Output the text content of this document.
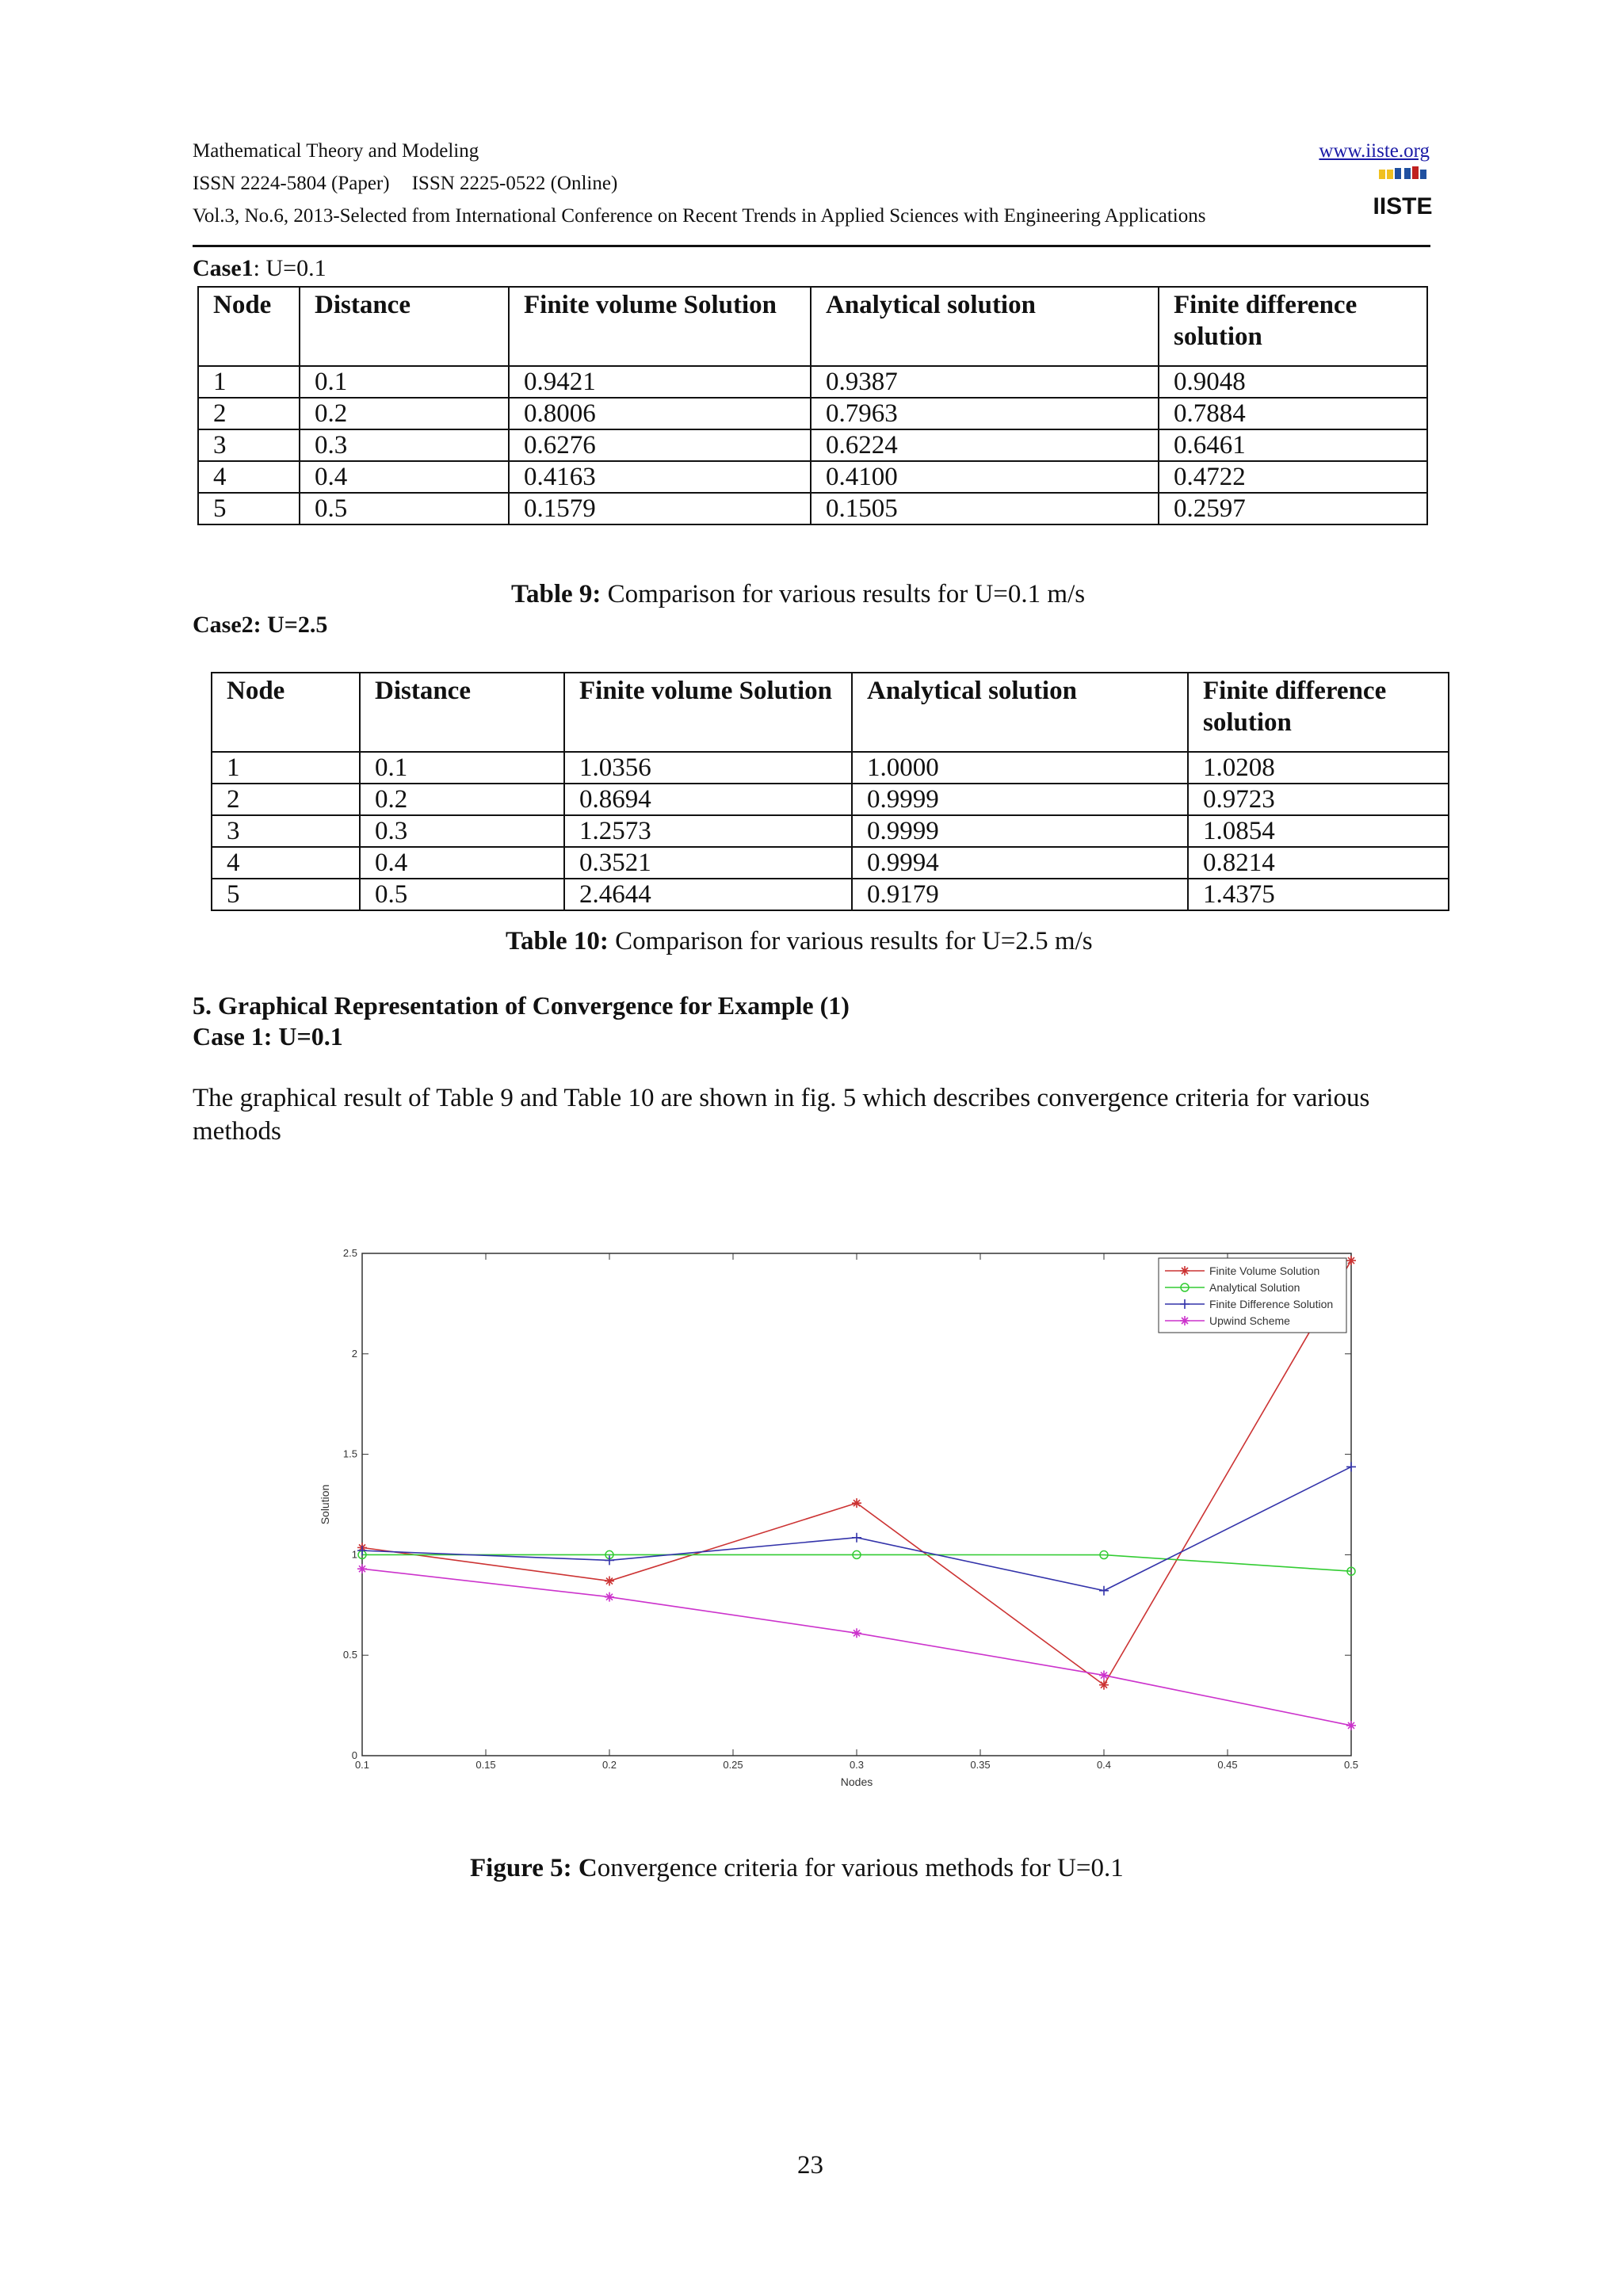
Mathematical Theory and Modeling	www.iiste.org
ISSN 2224-5804 (Paper) ISSN 2225-0522 (Online)
Vol.3, No.6, 2013-Selected from International Conference on Recent Trends in Applied Sciences with Engineering Applications	IISTE
Case1: U=0.1
Node	Distance	Finite volume Solution	Analytical solution	Finite difference solution
1	0.1	0.9421	0.9387	0.9048
2	0.2	0.8006	0.7963	0.7884
3	0.3	0.6276	0.6224	0.6461
4	0.4	0.4163	0.4100	0.4722
5	0.5	0.1579	0.1505	0.2597
Table 9: Comparison for various results for U=0.1 m/s
Case2: U=2.5
Node	Distance	Finite volume Solution	Analytical solution	Finite difference solution
1	0.1	1.0356	1.0000	1.0208
2	0.2	0.8694	0.9999	0.9723
3	0.3	1.2573	0.9999	1.0854
4	0.4	0.3521	0.9994	0.8214
5	0.5	2.4644	0.9179	1.4375
Table 10: Comparison for various results for U=2.5 m/s
5. Graphical Representation of Convergence for Example (1)
Case 1: U=0.1
The graphical result of Table 9 and Table 10 are shown in fig. 5 which describes convergence criteria for various methods
0.1	0.15	0.2	0.25	0.3	0.35	0.4	0.45	0.5
0
0.5
1
1.5
2
2.5
Nodes
Solution
Finite Volume Solution
Analytical Solution
Finite Difference Solution
Upwind Scheme
Figure 5: Convergence criteria for various methods for U=0.1
23
